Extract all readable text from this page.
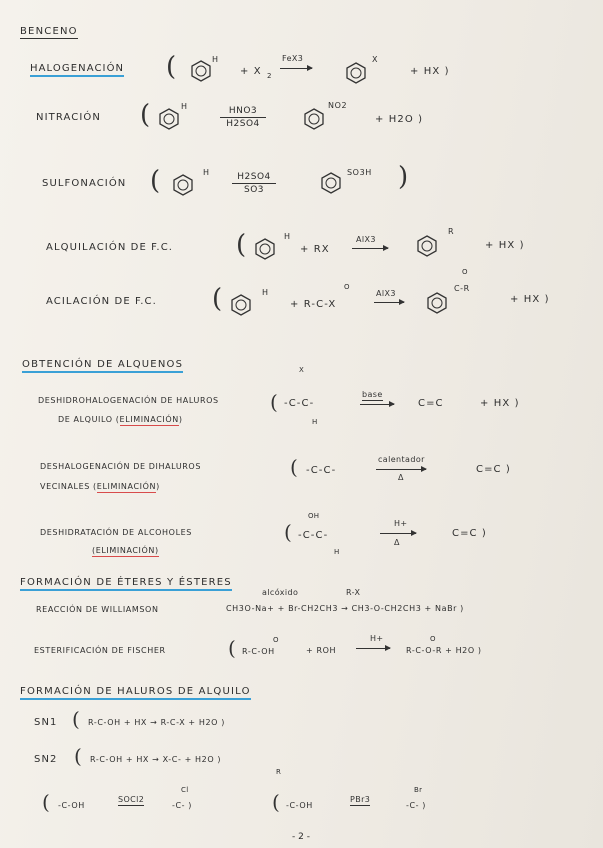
BENCENO
HALOGENACIÓN (	H
+ X 2
FeX3	X
+ HX )
NITRACIÓN (	H	HNO3
H2SO4
NO2
+ H2O )
SULFONACIÓN (	H $\frac{H2SO4}{SO3}$	SO3H )
ALQUILACIÓN DE F.C. (	H
+ RX
AlX3
R
+ HX )
ACILACIÓN DE F.C. (	H
+ R-C-X
O
AlX3
O
C-R
+ HX )
OBTENCIÓN DE ALQUENOS
DESHIDROHALOGENACIÓN DE HALUROS
DE ALQUILO (ELIMINACIÓN)
(
X
-C-C-
H
base
→ C=C	+ HX )
DESHALOGENACIÓN DE DIHALUROS
VECINALES (ELIMINACIÓN)
( -C-C-
calentador
Δ
C=C )
DESHIDRATACIÓN DE ALCOHOLES
(ELIMINACIÓN)
(
OH
-C-C-
H
H+
Δ
C=C )
FORMACIÓN DE ÉTERES Y ÉSTERES
REACCIÓN DE WILLIAMSON
alcóxido	R-X
CH3O-Na+ + Br-CH2CH3 → CH3-O-CH2CH3 + NaBr )
ESTERIFICACIÓN DE FISCHER	( R-C-OH
O
+ ROH
H+
→ R-C-O-R + H2O )
O
FORMACIÓN DE HALUROS DE ALQUILO
SN1 ( R-C-OH + HX → R-C-X + H2O )
SN2 ( R-C-OH + HX → X-C- + H2O )
R
( -C-OH
SOCl2
Cl
-C- )	( -C-OH
PBr3
Br
-C- )
- 2 -
